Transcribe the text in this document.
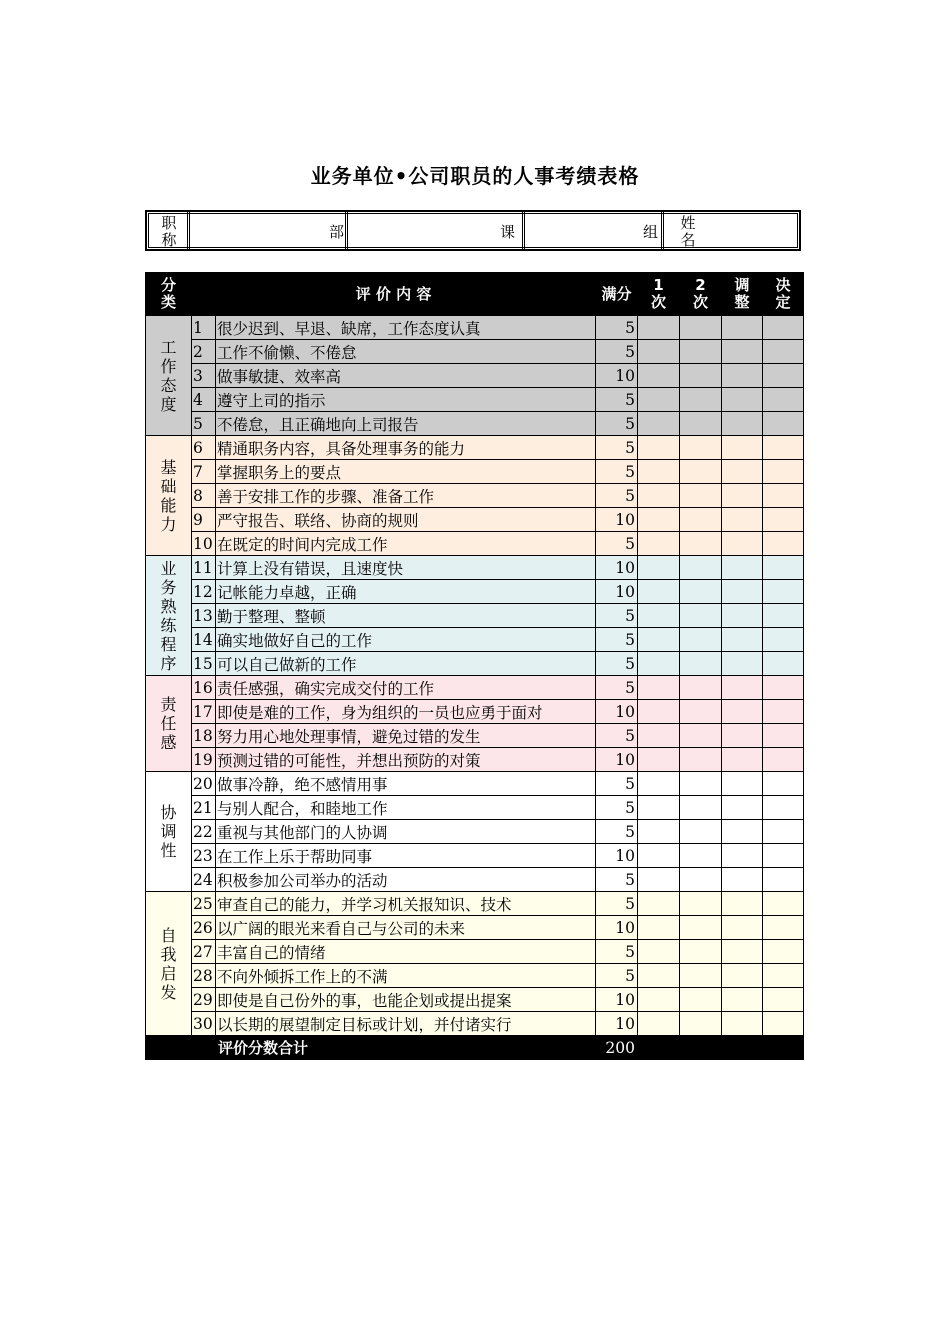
业务单位•公司职员的人事考绩表格
职称	部	课	组 姓名
分类	评 价 内 容		满分	1次	2次	调整	决定
工作态度	1	很少迟到、早退、缺席，工作态度认真	5				
	2	工作不偷懒、不倦怠	5				
	3	做事敏捷、效率高	10				
	4	遵守上司的指示	5				
	5	不倦怠，且正确地向上司报告	5				
基础能力	6	精通职务内容，具备处理事务的能力	5				
	7	掌握职务上的要点	5				
	8	善于安排工作的步骤、准备工作	5				
	9	严守报告、联络、协商的规则	10				
	10	在既定的时间内完成工作	5				
业务熟练程序	11	计算上没有错误，且速度快	10				
	12	记帐能力卓越，正确	10				
	13	勤于整理、整顿	5				
	14	确实地做好自己的工作	5				
	15	可以自己做新的工作	5				
责任感	16	责任感强，确实完成交付的工作	5				
	17	即使是难的工作，身为组织的一员也应勇于面对	10				
	18	努力用心地处理事情，避免过错的发生	5				
	19	预测过错的可能性，并想出预防的对策	10				
协调性	20	做事冷静，绝不感情用事	5				
	21	与别人配合，和睦地工作	5				
	22	重视与其他部门的人协调	5				
	23	在工作上乐于帮助同事	10				
	24	积极参加公司举办的活动	5				
自我启发	25	审查自己的能力，并学习机关报知识、技术	5				
	26	以广阔的眼光来看自己与公司的未来	10				
	27	丰富自己的情绪	5				
	28	不向外倾拆工作上的不满	5				
	29	即使是自己份外的事，也能企划或提出提案	10				
	30	以长期的展望制定目标或计划，并付诸实行	10				
		评价分数合计	200				
